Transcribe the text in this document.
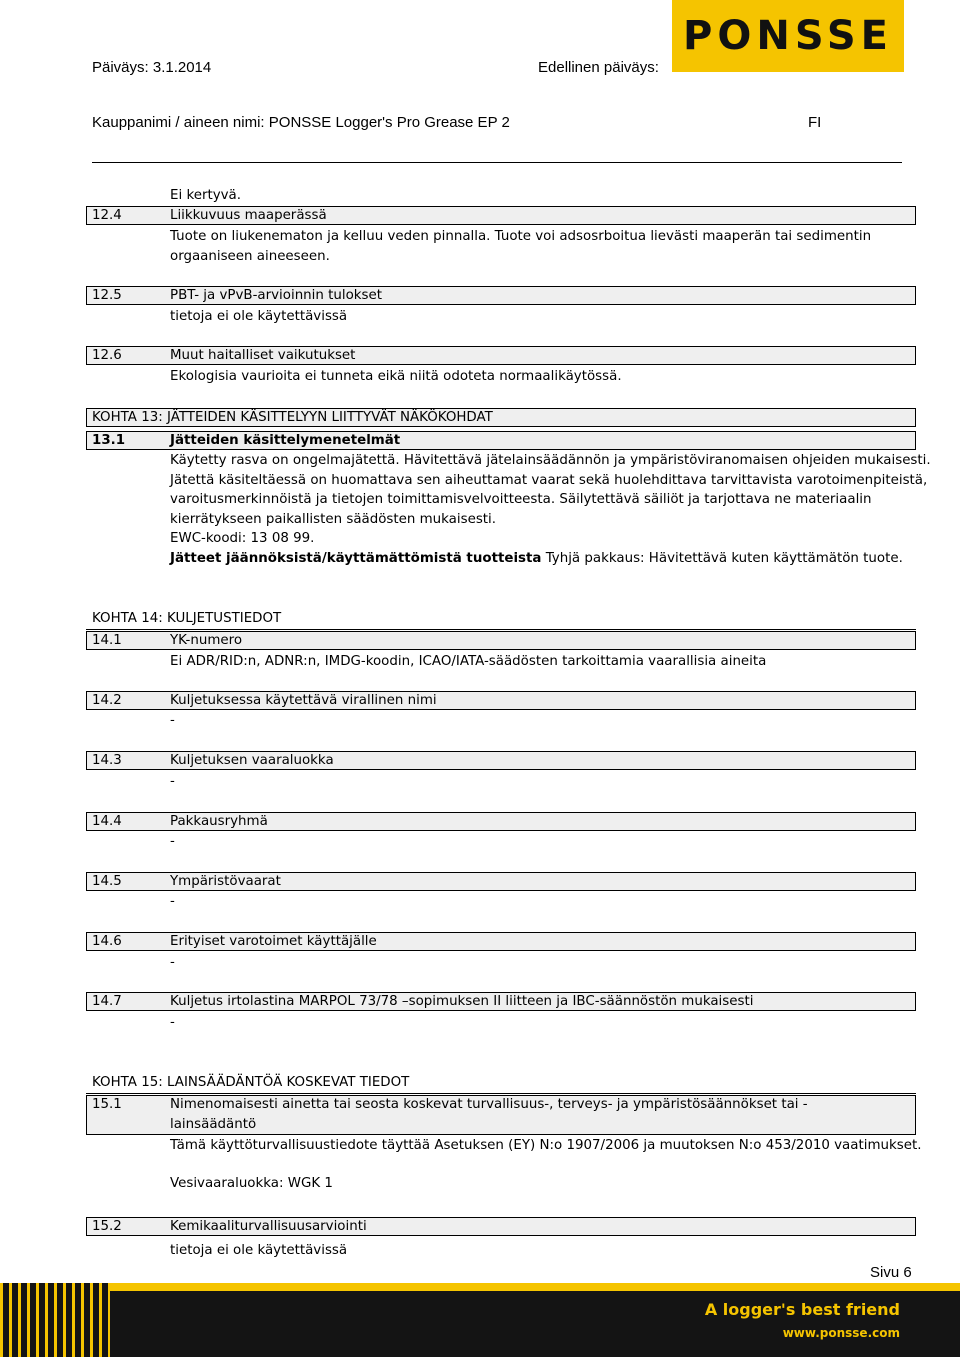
Päiväys: 3.1.2014	Edellinen päiväys:
PONSSE
Kauppanimi / aineen nimi: PONSSE Logger's Pro Grease EP 2	FI
Ei kertyvä.
12.4	Liikkuvuus maaperässä
Tuote on liukenematon ja kelluu veden pinnalla. Tuote voi adsosrboitua lievästi maaperän tai sedimentin
orgaaniseen aineeseen.
12.5	PBT- ja vPvB-arvioinnin tulokset
tietoja ei ole käytettävissä
12.6	Muut haitalliset vaikutukset
Ekologisia vaurioita ei tunneta eikä niitä odoteta normaalikäytössä.
KOHTA 13: JÄTTEIDEN KÄSITTELYYN LIITTYVÄT NÄKÖKOHDAT
13.1	Jätteiden käsittelymenetelmät
Käytetty rasva on ongelmajätettä. Hävitettävä jätelainsäädännön ja ympäristöviranomaisen ohjeiden mukaisesti.
Jätettä käsiteltäessä on huomattava sen aiheuttamat vaarat sekä huolehdittava tarvittavista varotoimenpiteistä,
varoitusmerkinnöistä ja tietojen toimittamisvelvoitteesta. Säilytettävä säiliöt ja tarjottava ne materiaalin
kierrätykseen paikallisten säädösten mukaisesti.
EWC-koodi: 13 08 99.
Jätteet jäännöksistä/käyttämättömistä tuotteista Tyhjä pakkaus: Hävitettävä kuten käyttämätön tuote.
KOHTA 14: KULJETUSTIEDOT
14.1	YK-numero
Ei ADR/RID:n, ADNR:n, IMDG-koodin, ICAO/IATA-säädösten tarkoittamia vaarallisia aineita
14.2	Kuljetuksessa käytettävä virallinen nimi
-
14.3	Kuljetuksen vaaraluokka
-
14.4	Pakkausryhmä
-
14.5	Ympäristövaarat
-
14.6	Erityiset varotoimet käyttäjälle
-
14.7	Kuljetus irtolastina MARPOL 73/78 –sopimuksen II liitteen ja IBC-säännöstön mukaisesti
-
KOHTA 15: LAINSÄÄDÄNTÖÄ KOSKEVAT TIEDOT
15.1	Nimenomaisesti ainetta tai seosta koskevat turvallisuus-, terveys- ja ympäristösäännökset tai -
lainsäädäntö
Tämä käyttöturvallisuustiedote täyttää Asetuksen (EY) N:o 1907/2006 ja muutoksen N:o 453/2010 vaatimukset.
Vesivaaraluokka: WGK 1
15.2	Kemikaaliturvallisuusarviointi
tietoja ei ole käytettävissä
Sivu 6
A logger's best friend
www.ponsse.com
